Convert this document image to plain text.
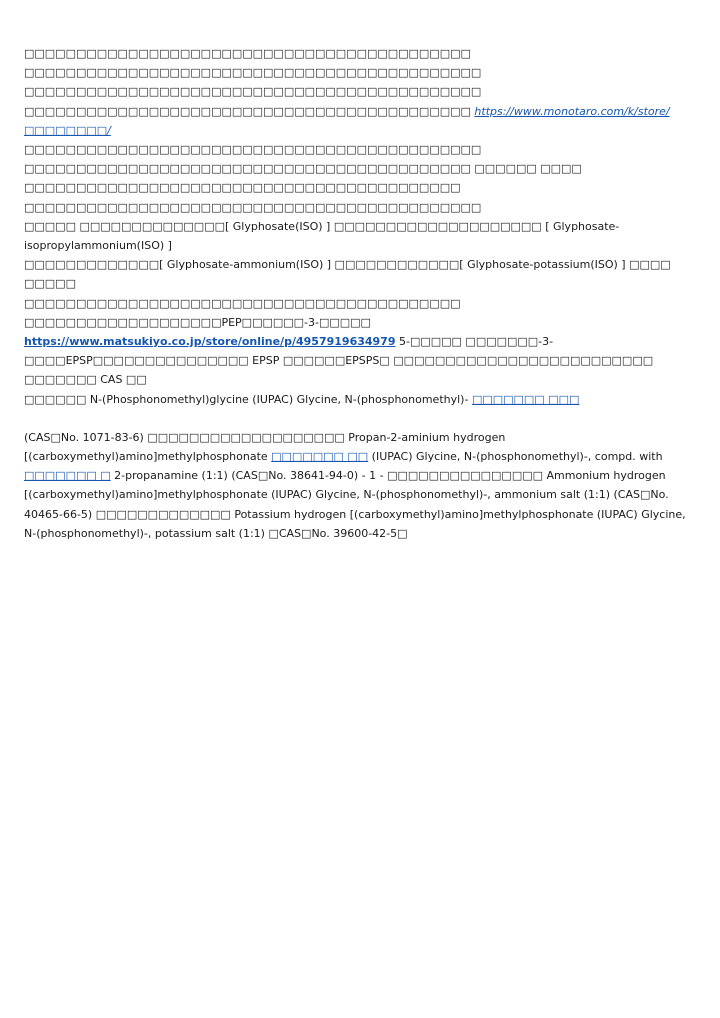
□□□□□□□□□□□□□□□□□□□□□□□□□□□□□□□□□□□□□□□□□□□
□□□□□□□□□□□□□□□□□□□□□□□□□□□□□□□□□□□□□□□□□□□□
□□□□□□□□□□□□□□□□□□□□□□□□□□□□□□□□□□□□□□□□□□□□
□□□□□□□□□□□□□□□□□□□□□□□□□□□□□□□□□□□□□□□□□□□ https://www.monotaro.com/k/store/□□□□□□□□/
□□□□□□□□□□□□□□□□□□□□□□□□□□□□□□□□□□□□□□□□□□□□
□□□□□□□□□□□□□□□□□□□□□□□□□□□□□□□□□□□□□□□□□□□ □□□□□□ □□□□
□□□□□□□□□□□□□□□□□□□□□□□□□□□□□□□□□□□□□□□□□□ □□□□□□□□□□□□□□□□□□□□□□□□□□□□□□□□□□□□□□□□□□□□
□□□□□ □□□□□□□□□□□□□□[ Glyphosate(ISO) ] □□□□□□□□□□□□□□□□□□□□ [ Glyphosate-isopropylammonium(ISO) ]
□□□□□□□□□□□□□[ Glyphosate-ammonium(ISO) ] □□□□□□□□□□□□[ Glyphosate-potassium(ISO) ] □□□□ □□□□□
□□□□□□□□□□□□□□□□□□□□□□□□□□□□□□□□□□□□□□□□□□ □□□□□□□□□□□□□□□□□□□PEP□□□□□□-3-□□□□□
https://www.matsukiyo.co.jp/store/online/p/4957919634979 5-□□□□□ □□□□□□□-3-
□□□□EPSP□□□□□□□□□□□□□□□ EPSP □□□□□□EPSPS□ □□□□□□□□□□□□□□□□□□□□□□□□□ □□□□□□□ CAS □□
□□□□□□ N-(Phosphonomethyl)glycine (IUPAC) Glycine, N-(phosphonomethyl)- □□□□□□□ □□□

(CAS□No. 1071-83-6) □□□□□□□□□□□□□□□□□□□ Propan-2-aminium hydrogen [(carboxymethyl)amino]methylphosphonate □□□□□□□ □□ (IUPAC) Glycine, N-(phosphonomethyl)-, compd. with □□□□□□□ □ 2-propanamine (1:1) (CAS□No. 38641-94-0) - 1 - □□□□□□□□□□□□□□□ Ammonium hydrogen [(carboxymethyl)amino]methylphosphonate (IUPAC) Glycine, N-(phosphonomethyl)-, ammonium salt (1:1) (CAS□No. 40465-66-5) □□□□□□□□□□□□□ Potassium hydrogen [(carboxymethyl)amino]methylphosphonate (IUPAC) Glycine, N-(phosphonomethyl)-, potassium salt (1:1) □CAS□No. 39600-42-5□
